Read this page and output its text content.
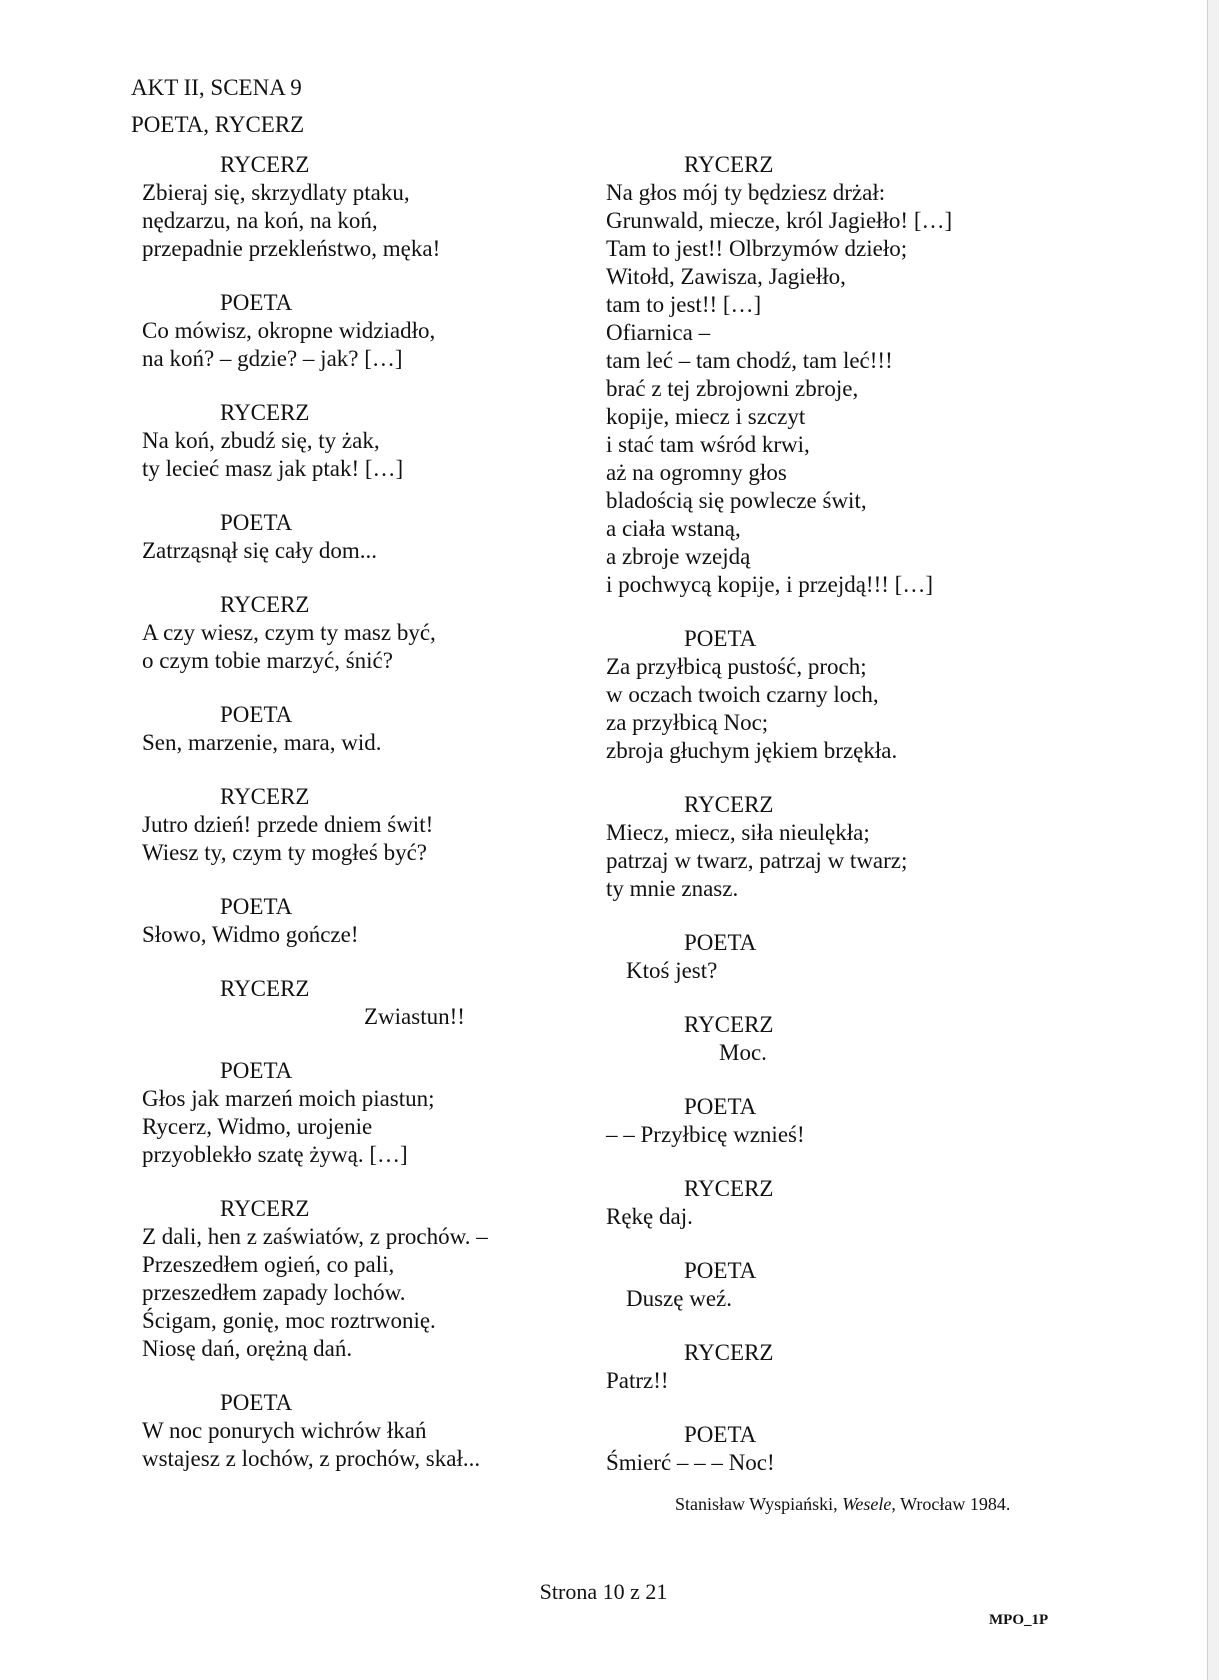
AKT II, SCENA 9
POETA, RYCERZ
RYCERZ
Zbieraj się, skrzydlaty ptaku,
nędzarzu, na koń, na koń,
przepadnie przekleństwo, męka!
POETA
Co mówisz, okropne widziadło,
na koń? – gdzie? – jak? […]
RYCERZ
Na koń, zbudź się, ty żak,
ty lecieć masz jak ptak! […]
POETA
Zatrząsnął się cały dom...
RYCERZ
A czy wiesz, czym ty masz być,
o czym tobie marzyć, śnić?
POETA
Sen, marzenie, mara, wid.
RYCERZ
Jutro dzień! przede dniem świt!
Wiesz ty, czym ty mogłeś być?
POETA
Słowo, Widmo gończe!
RYCERZ
Zwiastun!!
POETA
Głos jak marzeń moich piastun;
Rycerz, Widmo, urojenie
przyoblekło szatę żywą. […]
RYCERZ
Z dali, hen z zaświatów, z prochów. –
Przeszedłem ogień, co pali,
przeszedłem zapady lochów.
Ścigam, gonię, moc roztrwonię.
Niosę dań, orężną dań.
POETA
W noc ponurych wichrów łkań
wstajesz z lochów, z prochów, skał...
RYCERZ
Na głos mój ty będziesz drżał:
Grunwald, miecze, król Jagiełło! […]
Tam to jest!! Olbrzymów dzieło;
Witołd, Zawisza, Jagiełło,
tam to jest!! […]
Ofiarnica –
tam leć – tam chodź, tam leć!!!
brać z tej zbrojowni zbroje,
kopije, miecz i szczyt
i stać tam wśród krwi,
aż na ogromny głos
bladością się powlecze świt,
a ciała wstaną,
a zbroje wzejdą
i pochwycą kopije, i przejdą!!! […]
POETA
Za przyłbicą pustość, proch;
w oczach twoich czarny loch,
za przyłbicą Noc;
zbroja głuchym jękiem brzękła.
RYCERZ
Miecz, miecz, siła nieulękła;
patrzaj w twarz, patrzaj w twarz;
ty mnie znasz.
POETA
Ktoś jest?
RYCERZ
Moc.
POETA
– – Przyłbicę wznieś!
RYCERZ
Rękę daj.
POETA
Duszę weź.
RYCERZ
Patrz!!
POETA
Śmierć – – – Noc!
Stanisław Wyspiański, Wesele, Wrocław 1984.
Strona 10 z 21
MPO_1P
